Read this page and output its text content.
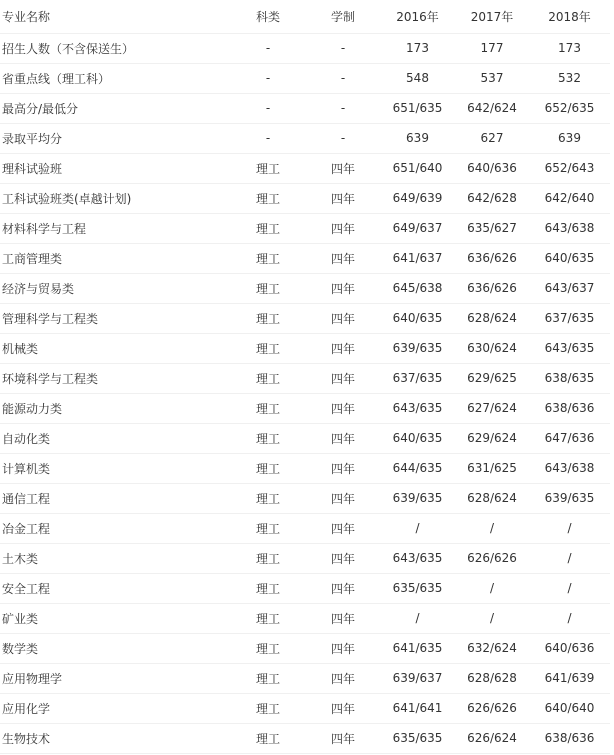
专业名称	科类	学制	2016年	2017年	2018年
招生人数（不含保送生）	-	-	173	177	173
省重点线（理工科）	-	-	548	537	532
最高分/最低分	-	-	651/635	642/624	652/635
录取平均分	-	-	639	627	639
理科试验班	理工	四年	651/640	640/636	652/643
工科试验班类(卓越计划)	理工	四年	649/639	642/628	642/640
材料科学与工程	理工	四年	649/637	635/627	643/638
工商管理类	理工	四年	641/637	636/626	640/635
经济与贸易类	理工	四年	645/638	636/626	643/637
管理科学与工程类	理工	四年	640/635	628/624	637/635
机械类	理工	四年	639/635	630/624	643/635
环境科学与工程类	理工	四年	637/635	629/625	638/635
能源动力类	理工	四年	643/635	627/624	638/636
自动化类	理工	四年	640/635	629/624	647/636
计算机类	理工	四年	644/635	631/625	643/638
通信工程	理工	四年	639/635	628/624	639/635
冶金工程	理工	四年	/	/	/
土木类	理工	四年	643/635	626/626	/
安全工程	理工	四年	635/635	/	/
矿业类	理工	四年	/	/	/
数学类	理工	四年	641/635	632/624	640/636
应用物理学	理工	四年	639/637	628/628	641/639
应用化学	理工	四年	641/641	626/626	640/640
生物技术	理工	四年	635/635	626/624	638/636
